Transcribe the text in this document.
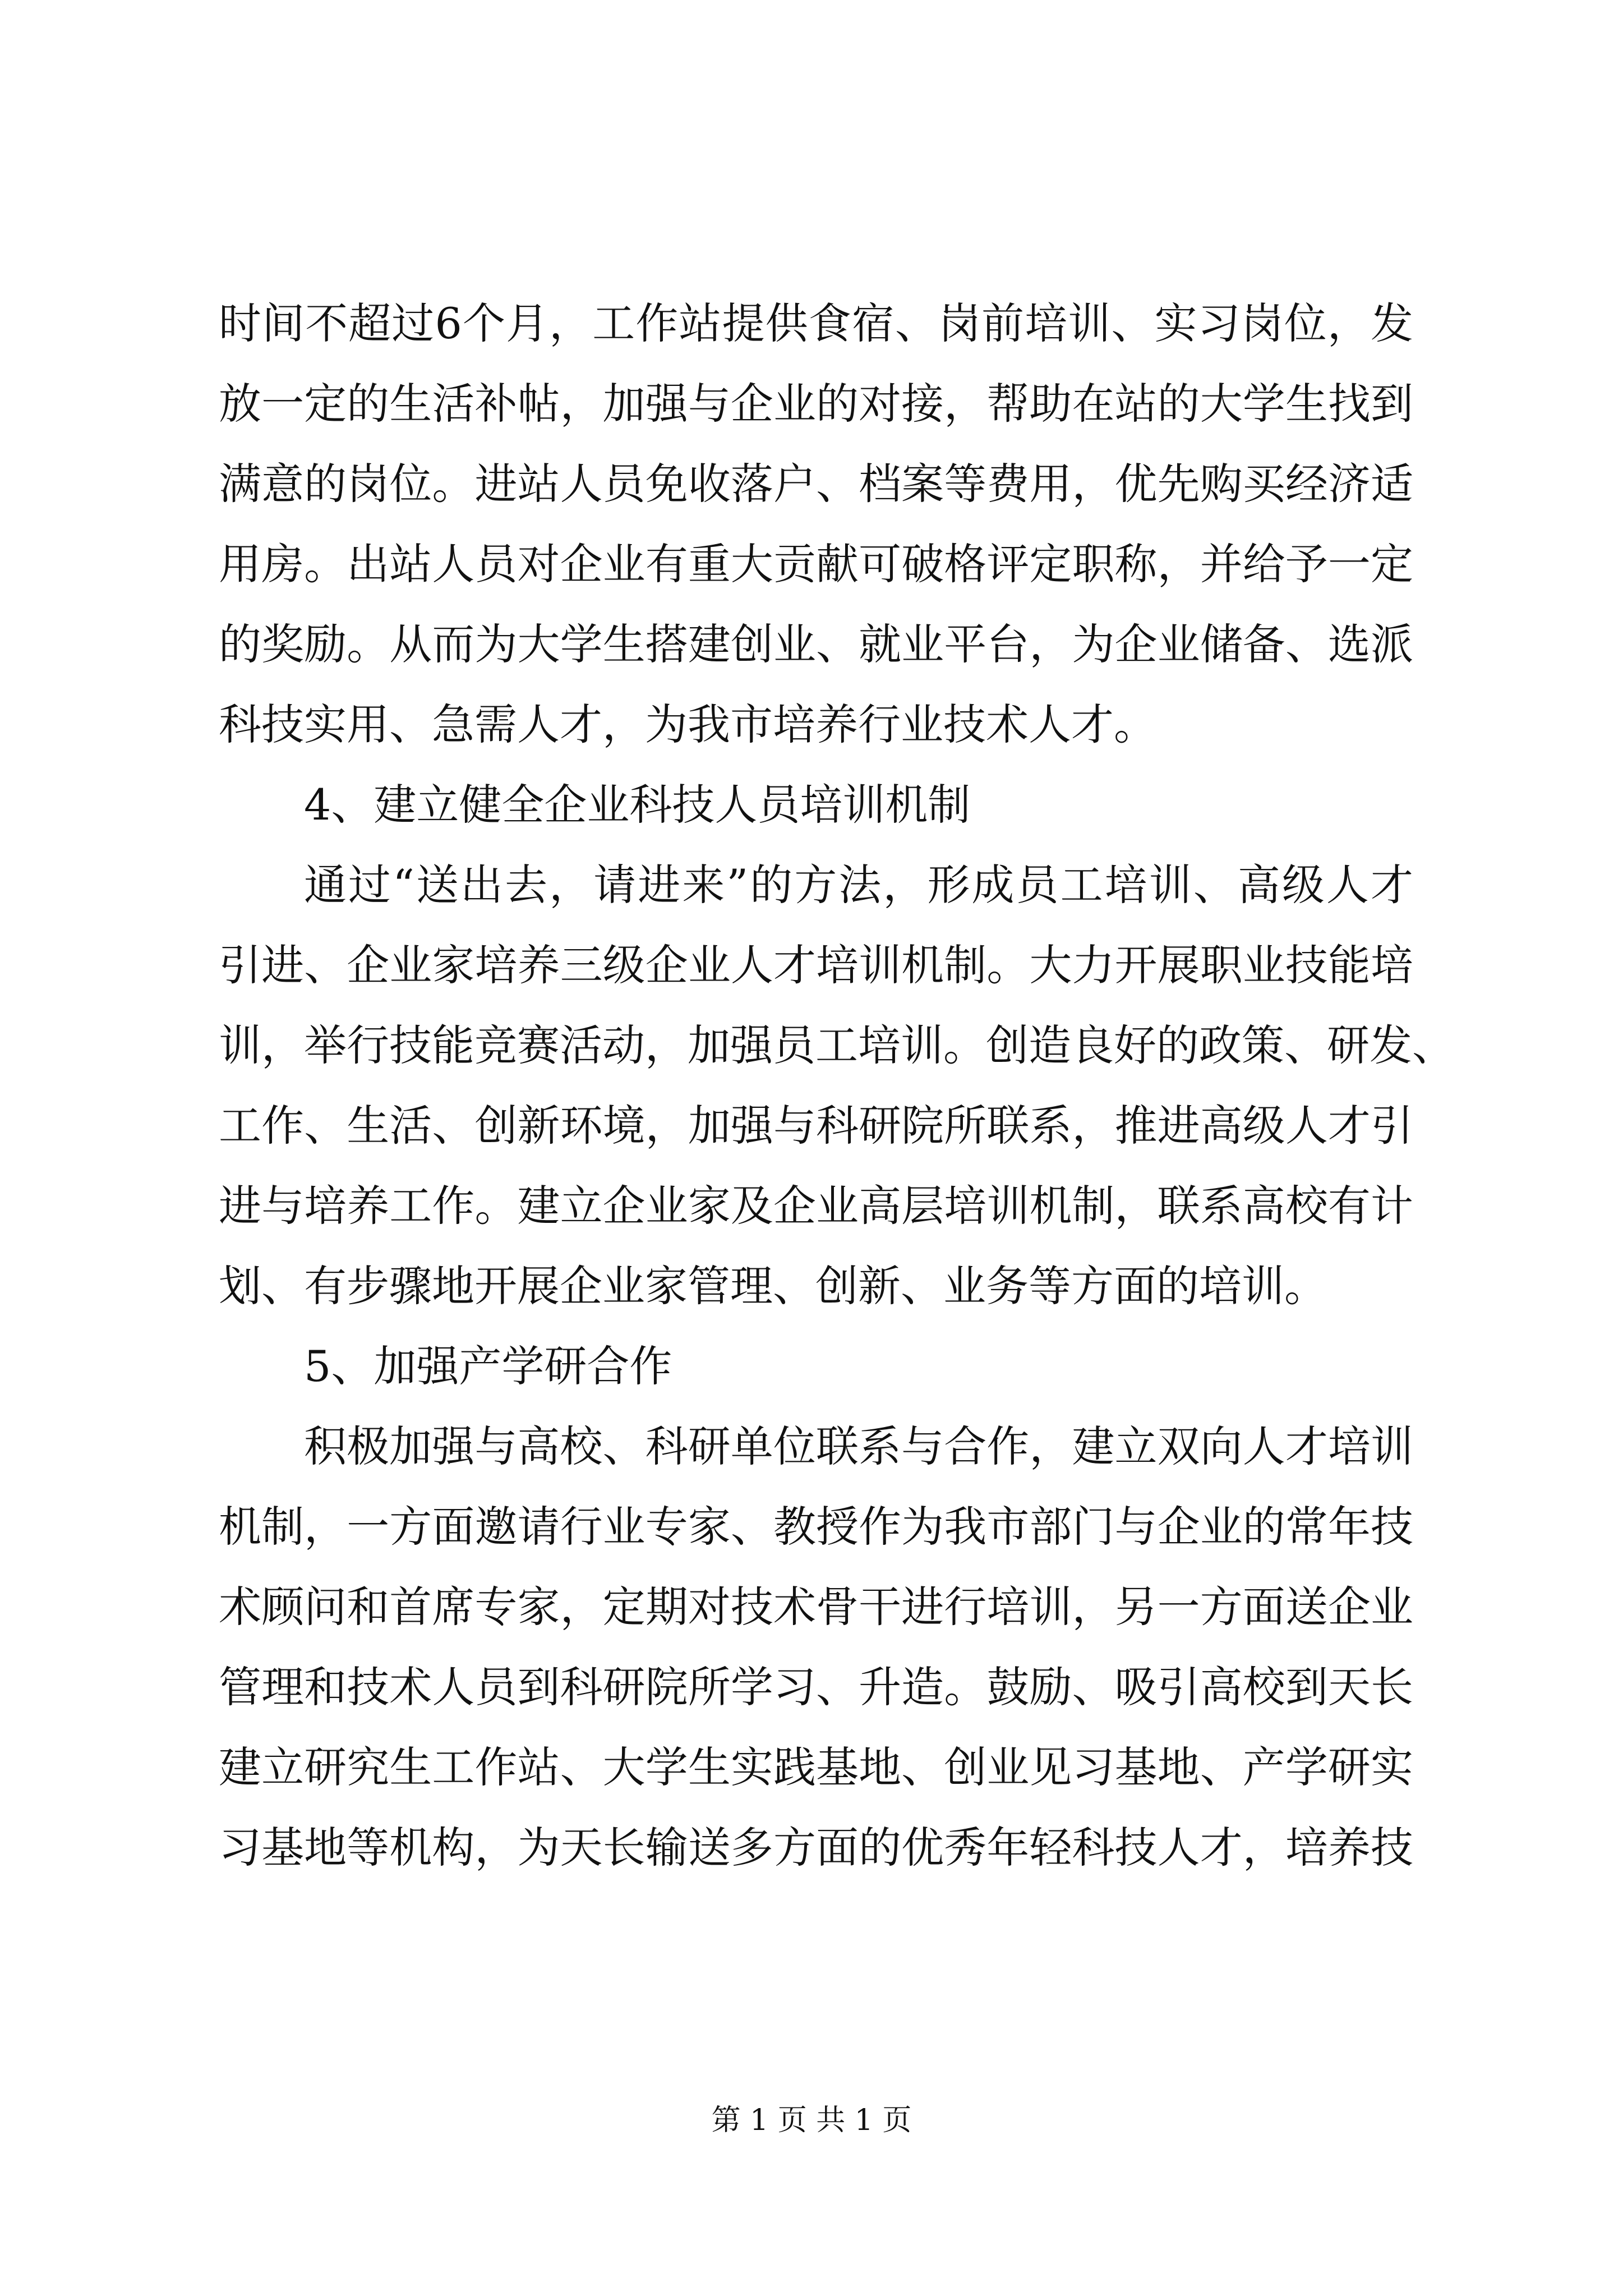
时间不超过6个月，工作站提供食宿、岗前培训、实习岗位，发
放一定的生活补帖，加强与企业的对接，帮助在站的大学生找到
满意的岗位。进站人员免收落户、档案等费用，优先购买经济适
用房。出站人员对企业有重大贡献可破格评定职称，并给予一定
的奖励。从而为大学生搭建创业、就业平台，为企业储备、选派
科技实用、急需人才，为我市培养行业技术人才。
4、建立健全企业科技人员培训机制
通过“送出去，请进来”的方法，形成员工培训、高级人才
引进、企业家培养三级企业人才培训机制。大力开展职业技能培
训，举行技能竞赛活动，加强员工培训。创造良好的政策、研发、
工作、生活、创新环境，加强与科研院所联系，推进高级人才引
进与培养工作。建立企业家及企业高层培训机制，联系高校有计
划、有步骤地开展企业家管理、创新、业务等方面的培训。
5、加强产学研合作
积极加强与高校、科研单位联系与合作，建立双向人才培训
机制，一方面邀请行业专家、教授作为我市部门与企业的常年技
术顾问和首席专家，定期对技术骨干进行培训，另一方面送企业
管理和技术人员到科研院所学习、升造。鼓励、吸引高校到天长
建立研究生工作站、大学生实践基地、创业见习基地、产学研实
习基地等机构，为天长输送多方面的优秀年轻科技人才，培养技
第 1 页 共 1 页
